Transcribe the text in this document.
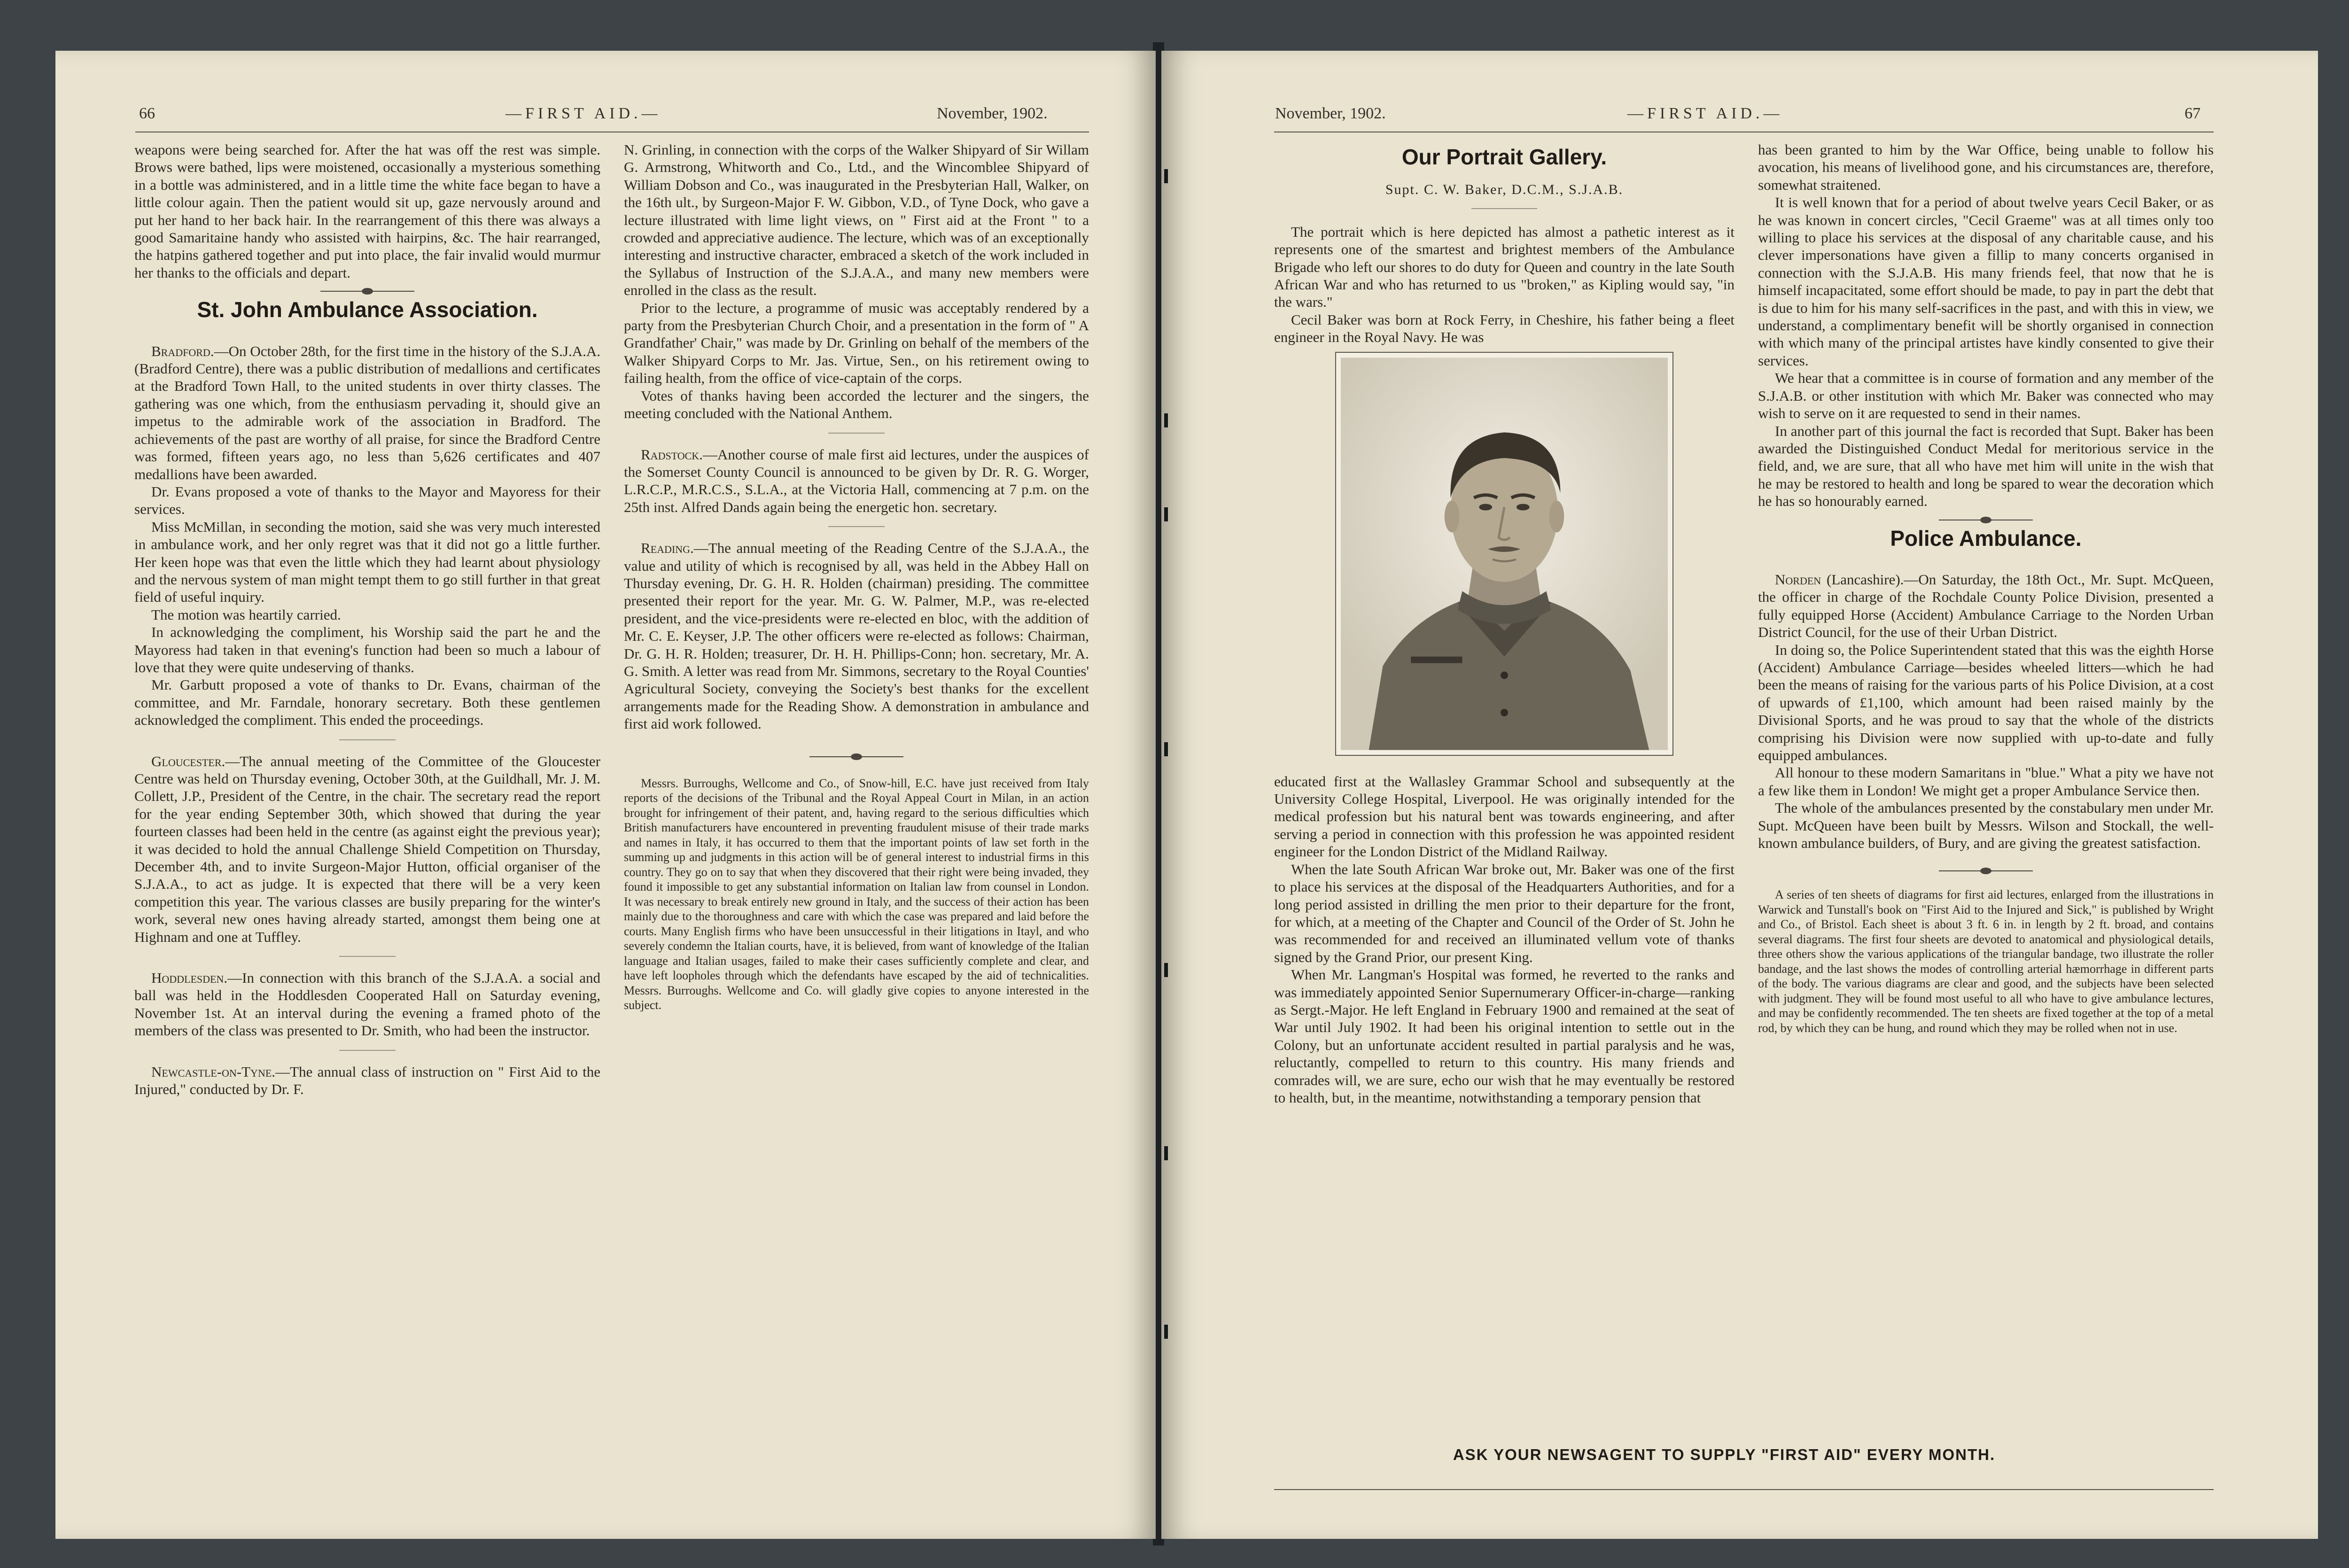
66	—FIRST AID.—	November, 1902.

weapons were being searched for. After the hat was off the rest was simple. Brows were bathed, lips were moistened, occasionally a mysterious something in a bottle was administered, and in a little time the white face began to have a little colour again. Then the patient would sit up, gaze nervously around and put her hand to her back hair. In the rearrangement of this there was always a good Samaritaine handy who assisted with hairpins, &c. The hair rearranged, the hatpins gathered together and put into place, the fair invalid would murmur her thanks to the officials and depart.

St. John Ambulance Association.

Bradford.—On October 28th, for the first time in the history of the S.J.A.A. (Bradford Centre), there was a public distribution of medallions and certificates at the Bradford Town Hall, to the united students in over thirty classes. The gathering was one which, from the enthusiasm pervading it, should give an impetus to the admirable work of the association in Bradford. The achievements of the past are worthy of all praise, for since the Bradford Centre was formed, fifteen years ago, no less than 5,626 certificates and 407 medallions have been awarded.

Dr. Evans proposed a vote of thanks to the Mayor and Mayoress for their services.

Miss McMillan, in seconding the motion, said she was very much interested in ambulance work, and her only regret was that it did not go a little further. Her keen hope was that even the little which they had learnt about physiology and the nervous system of man might tempt them to go still further in that great field of useful inquiry.

The motion was heartily carried.

In acknowledging the compliment, his Worship said the part he and the Mayoress had taken in that evening's function had been so much a labour of love that they were quite undeserving of thanks.

Mr. Garbutt proposed a vote of thanks to Dr. Evans, chairman of the committee, and Mr. Farndale, honorary secretary. Both these gentlemen acknowledged the compliment. This ended the proceedings.

Gloucester.—The annual meeting of the Committee of the Gloucester Centre was held on Thursday evening, October 30th, at the Guildhall, Mr. J. M. Collett, J.P., President of the Centre, in the chair. The secretary read the report for the year ending September 30th, which showed that during the year fourteen classes had been held in the centre (as against eight the previous year); it was decided to hold the annual Challenge Shield Competition on Thursday, December 4th, and to invite Surgeon-Major Hutton, official organiser of the S.J.A.A., to act as judge. It is expected that there will be a very keen competition this year. The various classes are busily preparing for the winter's work, several new ones having already started, amongst them being one at Highnam and one at Tuffley.

Hoddlesden.—In connection with this branch of the S.J.A.A. a social and ball was held in the Hoddlesden Cooperated Hall on Saturday evening, November 1st. At an interval during the evening a framed photo of the members of the class was presented to Dr. Smith, who had been the instructor.

Newcastle-on-Tyne.—The annual class of instruction on " First Aid to the Injured," conducted by Dr. F.

N. Grinling, in connection with the corps of the Walker Shipyard of Sir Willam G. Armstrong, Whitworth and Co., Ltd., and the Wincomblee Shipyard of William Dobson and Co., was inaugurated in the Presbyterian Hall, Walker, on the 16th ult., by Surgeon-Major F. W. Gibbon, V.D., of Tyne Dock, who gave a lecture illustrated with lime light views, on " First aid at the Front " to a crowded and appreciative audience. The lecture, which was of an exceptionally interesting and instructive character, embraced a sketch of the work included in the Syllabus of Instruction of the S.J.A.A., and many new members were enrolled in the class as the result.

Prior to the lecture, a programme of music was acceptably rendered by a party from the Presbyterian Church Choir, and a presentation in the form of " A Grandfather' Chair," was made by Dr. Grinling on behalf of the members of the Walker Shipyard Corps to Mr. Jas. Virtue, Sen., on his retirement owing to failing health, from the office of vice-captain of the corps.

Votes of thanks having been accorded the lecturer and the singers, the meeting concluded with the National Anthem.

Radstock.—Another course of male first aid lectures, under the auspices of the Somerset County Council is announced to be given by Dr. R. G. Worger, L.R.C.P., M.R.C.S., S.L.A., at the Victoria Hall, commencing at 7 p.m. on the 25th inst. Alfred Dands again being the energetic hon. secretary.

Reading.—The annual meeting of the Reading Centre of the S.J.A.A., the value and utility of which is recognised by all, was held in the Abbey Hall on Thursday evening, Dr. G. H. R. Holden (chairman) presiding. The committee presented their report for the year. Mr. G. W. Palmer, M.P., was re-elected president, and the vice-presidents were re-elected en bloc, with the addition of Mr. C. E. Keyser, J.P. The other officers were re-elected as follows: Chairman, Dr. G. H. R. Holden; treasurer, Dr. H. H. Phillips-Conn; hon. secretary, Mr. A. G. Smith. A letter was read from Mr. Simmons, secretary to the Royal Counties' Agricultural Society, conveying the Society's best thanks for the excellent arrangements made for the Reading Show. A demonstration in ambulance and first aid work followed.

Messrs. Burroughs, Wellcome and Co., of Snow-hill, E.C. have just received from Italy reports of the decisions of the Tribunal and the Royal Appeal Court in Milan, in an action brought for infringement of their patent, and, having regard to the serious difficulties which British manufacturers have encountered in preventing fraudulent misuse of their trade marks and names in Italy, it has occurred to them that the important points of law set forth in the summing up and judgments in this action will be of general interest to industrial firms in this country. They go on to say that when they discovered that their right were being invaded, they found it impossible to get any substantial information on Italian law from counsel in London. It was necessary to break entirely new ground in Italy, and the success of their action has been mainly due to the thoroughness and care with which the case was prepared and laid before the courts. Many English firms who have been unsuccessful in their litigations in Itayl, and who severely condemn the Italian courts, have, it is believed, from want of knowledge of the Italian language and Italian usages, failed to make their cases sufficiently complete and clear, and have left loopholes through which the defendants have escaped by the aid of technicalities. Messrs. Burroughs. Wellcome and Co. will gladly give copies to anyone interested in the subject.

November, 1902.	—FIRST AID.—	67
Our Portrait Gallery.
Supt. C. W. Baker, D.C.M., S.J.A.B.

The portrait which is here depicted has almost a pathetic interest as it represents one of the smartest and brightest members of the Ambulance Brigade who left our shores to do duty for Queen and country in the late South African War and who has returned to us "broken," as Kipling would say, "in the wars."

Cecil Baker was born at Rock Ferry, in Cheshire, his father being a fleet engineer in the Royal Navy. He was

educated first at the Wallasley Grammar School and subsequently at the University College Hospital, Liverpool. He was originally intended for the medical profession but his natural bent was towards engineering, and after serving a period in connection with this profession he was appointed resident engineer for the London District of the Midland Railway.

When the late South African War broke out, Mr. Baker was one of the first to place his services at the disposal of the Headquarters Authorities, and for a long period assisted in drilling the men prior to their departure for the front, for which, at a meeting of the Chapter and Council of the Order of St. John he was recommended for and received an illuminated vellum vote of thanks signed by the Grand Prior, our present King.

When Mr. Langman's Hospital was formed, he reverted to the ranks and was immediately appointed Senior Supernumerary Officer-in-charge—ranking as Sergt.-Major. He left England in February 1900 and remained at the seat of War until July 1902. It had been his original intention to settle out in the Colony, but an unfortunate accident resulted in partial paralysis and he was, reluctantly, compelled to return to this country. His many friends and comrades will, we are sure, echo our wish that he may eventually be restored to health, but, in the meantime, notwithstanding a temporary pension that

has been granted to him by the War Office, being unable to follow his avocation, his means of livelihood gone, and his circumstances are, therefore, somewhat straitened.

It is well known that for a period of about twelve years Cecil Baker, or as he was known in concert circles, "Cecil Graeme" was at all times only too willing to place his services at the disposal of any charitable cause, and his clever impersonations have given a fillip to many concerts organised in connection with the S.J.A.B. His many friends feel, that now that he is himself incapacitated, some effort should be made, to pay in part the debt that is due to him for his many self-sacrifices in the past, and with this in view, we understand, a complimentary benefit will be shortly organised in connection with which many of the principal artistes have kindly consented to give their services.

We hear that a committee is in course of formation and any member of the S.J.A.B. or other institution with which Mr. Baker was connected who may wish to serve on it are requested to send in their names.

In another part of this journal the fact is recorded that Supt. Baker has been awarded the Distinguished Conduct Medal for meritorious service in the field, and, we are sure, that all who have met him will unite in the wish that he may be restored to health and long be spared to wear the decoration which he has so honourably earned.

Police Ambulance.

Norden (Lancashire).—On Saturday, the 18th Oct., Mr. Supt. McQueen, the officer in charge of the Rochdale County Police Division, presented a fully equipped Horse (Accident) Ambulance Carriage to the Norden Urban District Council, for the use of their Urban District.

In doing so, the Police Superintendent stated that this was the eighth Horse (Accident) Ambulance Carriage—besides wheeled litters—which he had been the means of raising for the various parts of his Police Division, at a cost of upwards of £1,100, which amount had been raised mainly by the Divisional Sports, and he was proud to say that the whole of the districts comprising his Division were now supplied with up-to-date and fully equipped ambulances.

All honour to these modern Samaritans in "blue." What a pity we have not a few like them in London! We might get a proper Ambulance Service then.

The whole of the ambulances presented by the constabulary men under Mr. Supt. McQueen have been built by Messrs. Wilson and Stockall, the well-known ambulance builders, of Bury, and are giving the greatest satisfaction.

A series of ten sheets of diagrams for first aid lectures, enlarged from the illustrations in Warwick and Tunstall's book on "First Aid to the Injured and Sick," is published by Wright and Co., of Bristol. Each sheet is about 3 ft. 6 in. in length by 2 ft. broad, and contains several diagrams. The first four sheets are devoted to anatomical and physiological details, three others show the various applications of the triangular bandage, two illustrate the roller bandage, and the last shows the modes of controlling arterial hæmorrhage in different parts of the body. The various diagrams are clear and good, and the subjects have been selected with judgment. They will be found most useful to all who have to give ambulance lectures, and may be confidently recommended. The ten sheets are fixed together at the top of a metal rod, by which they can be hung, and round which they may be rolled when not in use.

ASK YOUR NEWSAGENT TO SUPPLY "FIRST AID" EVERY MONTH.
